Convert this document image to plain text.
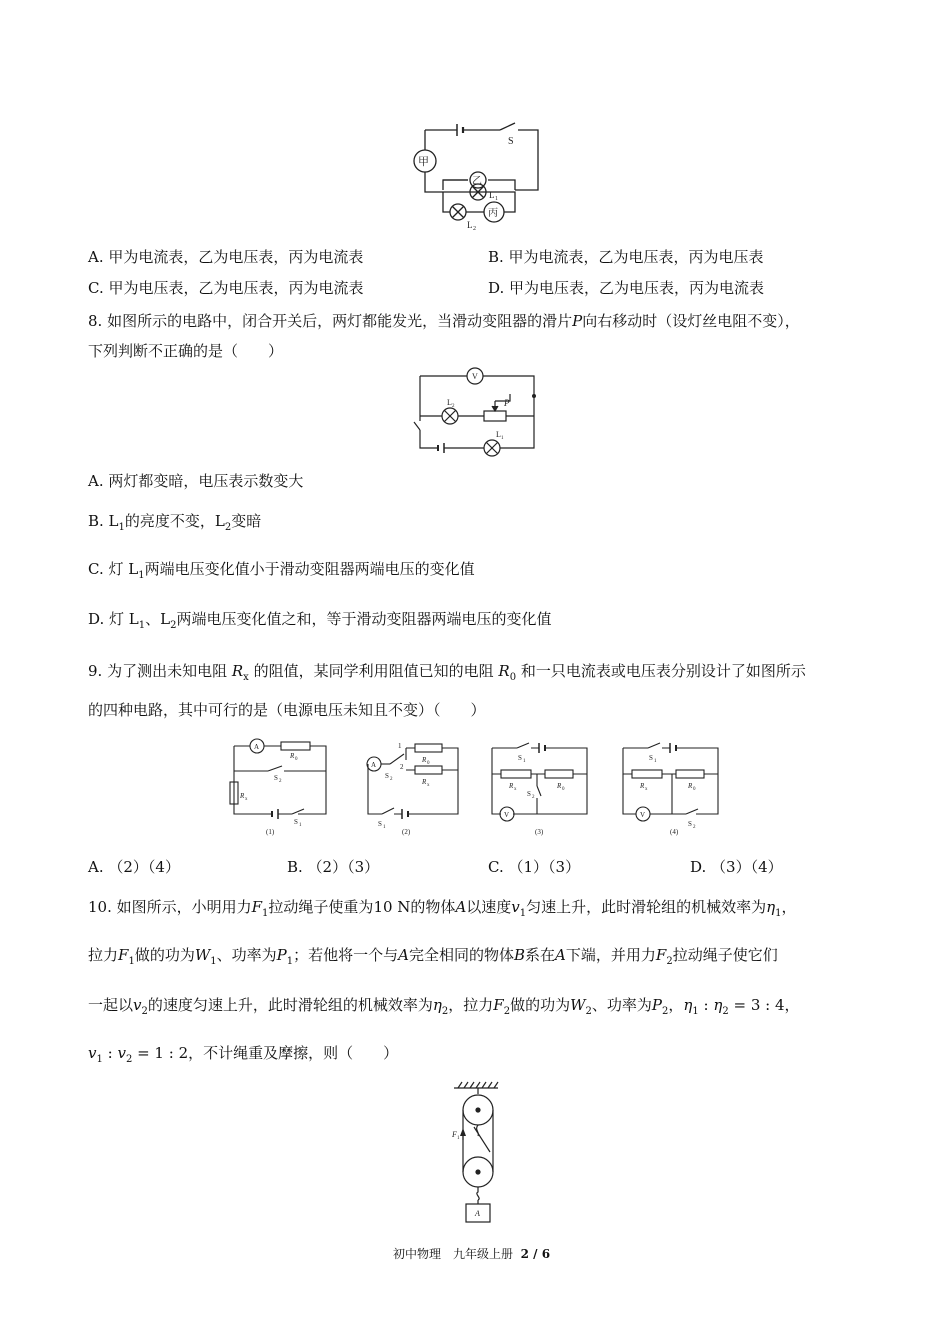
甲
乙
丙
S
L 1
L 2
A. 甲为电流表，乙为电压表，丙为电流表	B. 甲为电流表，乙为电压表，丙为电压表
C. 甲为电压表，乙为电压表，丙为电流表	D. 甲为电压表，乙为电压表，丙为电流表
8. 如图所示的电路中，闭合开关后，两灯都能发光，当滑动变阻器的滑片P向右移动时（设灯丝电阻不变），
下列判断不正确的是（　　）
V
P
L 2
L 1
A. 两灯都变暗，电压表示数变大
B. $L_1$的亮度不变，$L_2$变暗
C. 灯 $L_1$两端电压变化值小于滑动变阻器两端电压的变化值
D. 灯 $L_1$、$L_2$两端电压变化值之和，等于滑动变阻器两端电压的变化值
9. 为了测出未知电阻 $R_x$ 的阻值，某同学利用阻值已知的电阻 $R_0$ 和一只电流表或电压表分别设计了如图所示
的四种电路，其中可行的是（电源电压未知且不变）（　　）
A
R 0
S 2
R x
S 1
(1)
A
1
2
R 0
R x
S 2
S 1
(2)
S 1
R x	R 0
S 2
V
(3)
S 1
R x	R 0
V
S 2
(4)
A. （2）（4）	B. （2）（3）	C. （1）（3）	D. （3）（4）
10. 如图所示，小明用力$F_1$拉动绳子使重为10 N的物体A以速度$v_1$匀速上升，此时滑轮组的机械效率为$\eta_1$，
拉力$F_1$做的功为$W_1$、功率为$P_1$；若他将一个与A完全相同的物体B系在A下端，并用力$F_2$拉动绳子使它们
一起以$v_2$的速度匀速上升，此时滑轮组的机械效率为$\eta_2$，拉力$F_2$做的功为$W_2$、功率为$P_2$，$\eta_1$ : $\eta_2 = 3$ : 4，
$v_1$ : $v_2 = 1$ : 2，不计绳重及摩擦，则（　　）
F 1
A
初中物理　九年级上册 2 / 6
